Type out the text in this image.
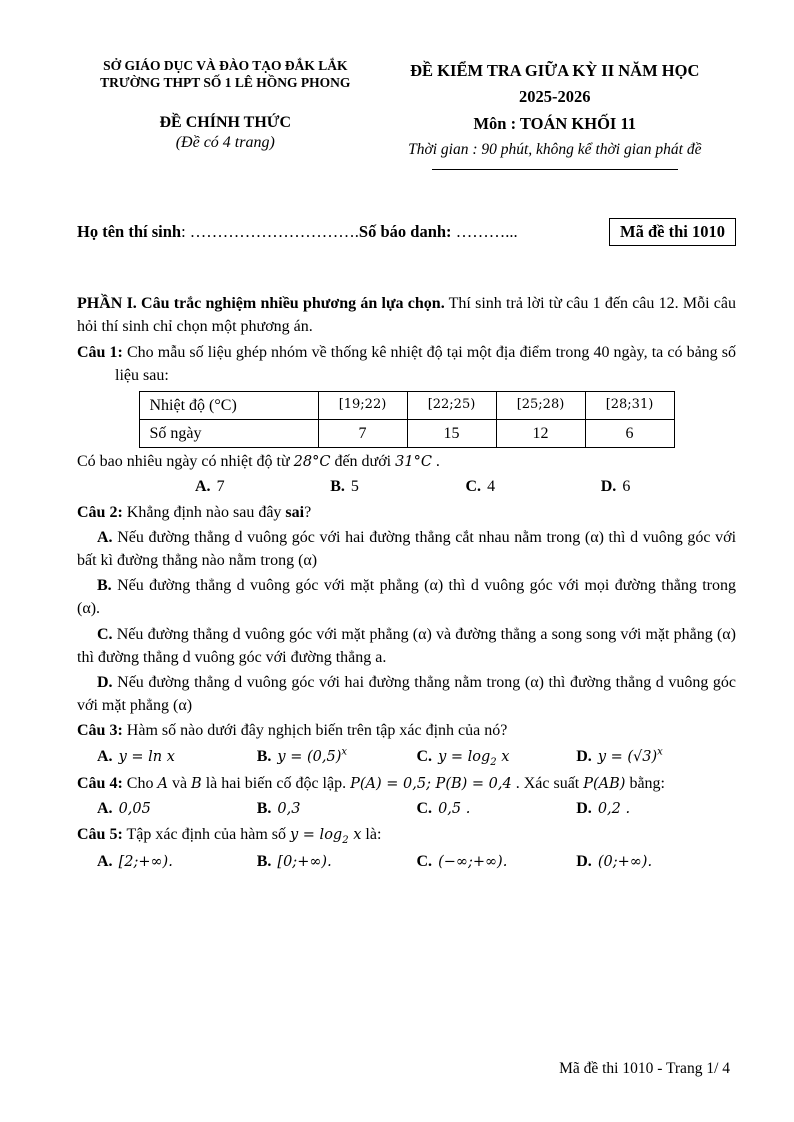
SỞ GIÁO DỤC VÀ ĐÀO TẠO ĐẮK LẮK
TRƯỜNG THPT SỐ 1 LÊ HỒNG PHONG
ĐỀ CHÍNH THỨC
(Đề có 4 trang)
ĐỀ KIỂM TRA GIỮA KỲ II NĂM HỌC
2025-2026
Môn : TOÁN KHỐI 11
Thời gian : 90 phút, không kể thời gian phát đề
Họ tên thí sinh: ………………………….Số báo danh: ………...	Mã đề thi 1010

PHẦN I. Câu trắc nghiệm nhiều phương án lựa chọn. Thí sinh trả lời từ câu 1 đến câu 12. Mỗi câu hỏi thí sinh chỉ chọn một phương án.

Câu 1: Cho mẫu số liệu ghép nhóm về thống kê nhiệt độ tại một địa điểm trong 40 ngày, ta có bảng số liệu sau:

Nhiệt độ (°C)	[19;22)	[22;25)	[25;28)	[28;31)
Số ngày	7	15	12	6

Có bao nhiêu ngày có nhiệt độ từ 28°C đến dưới 31°C .

A. 7	B. 5	C. 4	D. 6

Câu 2: Khẳng định nào sau đây sai?

A. Nếu đường thẳng d vuông góc với hai đường thẳng cắt nhau nằm trong (α) thì d vuông góc với bất kì đường thẳng nào nằm trong (α)

B. Nếu đường thẳng d vuông góc với mặt phẳng (α) thì d vuông góc với mọi đường thẳng trong (α).

C. Nếu đường thẳng d vuông góc với mặt phẳng (α) và đường thẳng a song song với mặt phẳng (α) thì đường thẳng d vuông góc với đường thẳng a.

D. Nếu đường thẳng d vuông góc với hai đường thẳng nằm trong (α) thì đường thẳng d vuông góc với mặt phẳng (α)

Câu 3: Hàm số nào dưới đây nghịch biến trên tập xác định của nó?

A. y = ln x	B. $y = (0,5)^x$	C. $y = \log_2 x$	D. $y = (√3)^x$

Câu 4: Cho A và B là hai biến cố độc lập. P(A) = 0,5; P(B) = 0,4 . Xác suất P(AB) bằng:

A. 0,05	B. 0,3	C. 0,5 .	D. 0,2 .

Câu 5: Tập xác định của hàm số $y = \log_2 x$ là:

A. [2;+∞).	B. [0;+∞).	C. (−∞;+∞).	D. (0;+∞).
Mã đề thi 1010 - Trang 1/ 4
